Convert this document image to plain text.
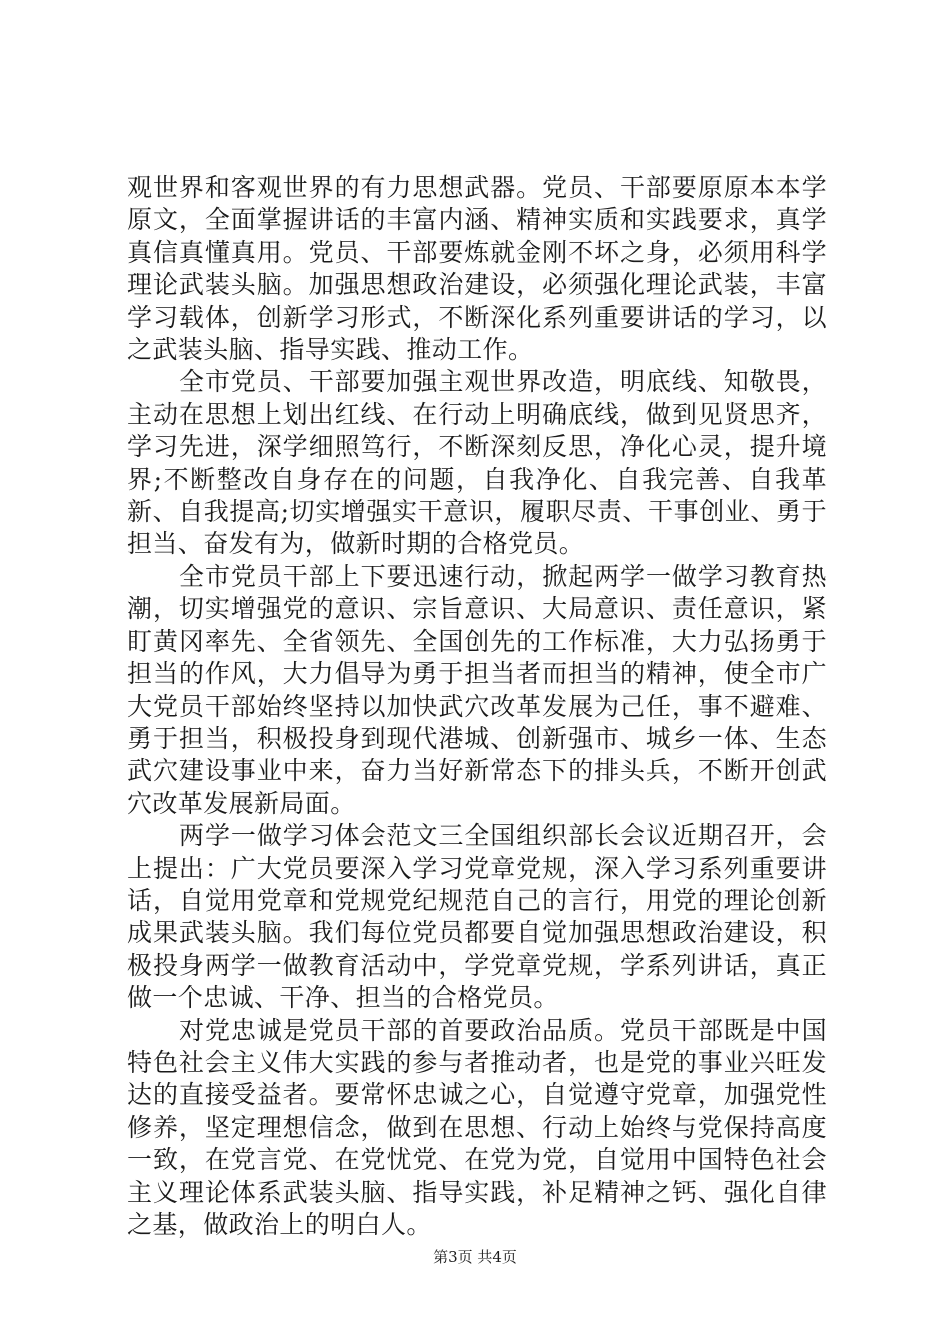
观世界和客观世界的有力思想武器。党员、干部要原原本本学原文，全面掌握讲话的丰富内涵、精神实质和实践要求，真学真信真懂真用。党员、干部要炼就金刚不坏之身，必须用科学理论武装头脑。加强思想政治建设，必须强化理论武装，丰富学习载体，创新学习形式，不断深化系列重要讲话的学习，以之武装头脑、指导实践、推动工作。

全市党员、干部要加强主观世界改造，明底线、知敬畏，主动在思想上划出红线、在行动上明确底线，做到见贤思齐，学习先进，深学细照笃行，不断深刻反思，净化心灵，提升境界;不断整改自身存在的问题，自我净化、自我完善、自我革新、自我提高;切实增强实干意识，履职尽责、干事创业、勇于担当、奋发有为，做新时期的合格党员。

全市党员干部上下要迅速行动，掀起两学一做学习教育热潮，切实增强党的意识、宗旨意识、大局意识、责任意识，紧盯黄冈率先、全省领先、全国创先的工作标准，大力弘扬勇于担当的作风，大力倡导为勇于担当者而担当的精神，使全市广大党员干部始终坚持以加快武穴改革发展为己任，事不避难、勇于担当，积极投身到现代港城、创新强市、城乡一体、生态武穴建设事业中来，奋力当好新常态下的排头兵，不断开创武穴改革发展新局面。

两学一做学习体会范文三全国组织部长会议近期召开，会上提出：广大党员要深入学习党章党规，深入学习系列重要讲话，自觉用党章和党规党纪规范自己的言行，用党的理论创新成果武装头脑。我们每位党员都要自觉加强思想政治建设，积极投身两学一做教育活动中，学党章党规，学系列讲话，真正做一个忠诚、干净、担当的合格党员。

对党忠诚是党员干部的首要政治品质。党员干部既是中国特色社会主义伟大实践的参与者推动者，也是党的事业兴旺发达的直接受益者。要常怀忠诚之心，自觉遵守党章，加强党性修养，坚定理想信念，做到在思想、行动上始终与党保持高度一致，在党言党、在党忧党、在党为党，自觉用中国特色社会主义理论体系武装头脑、指导实践，补足精神之钙、强化自律之基，做政治上的明白人。

第3页 共4页
